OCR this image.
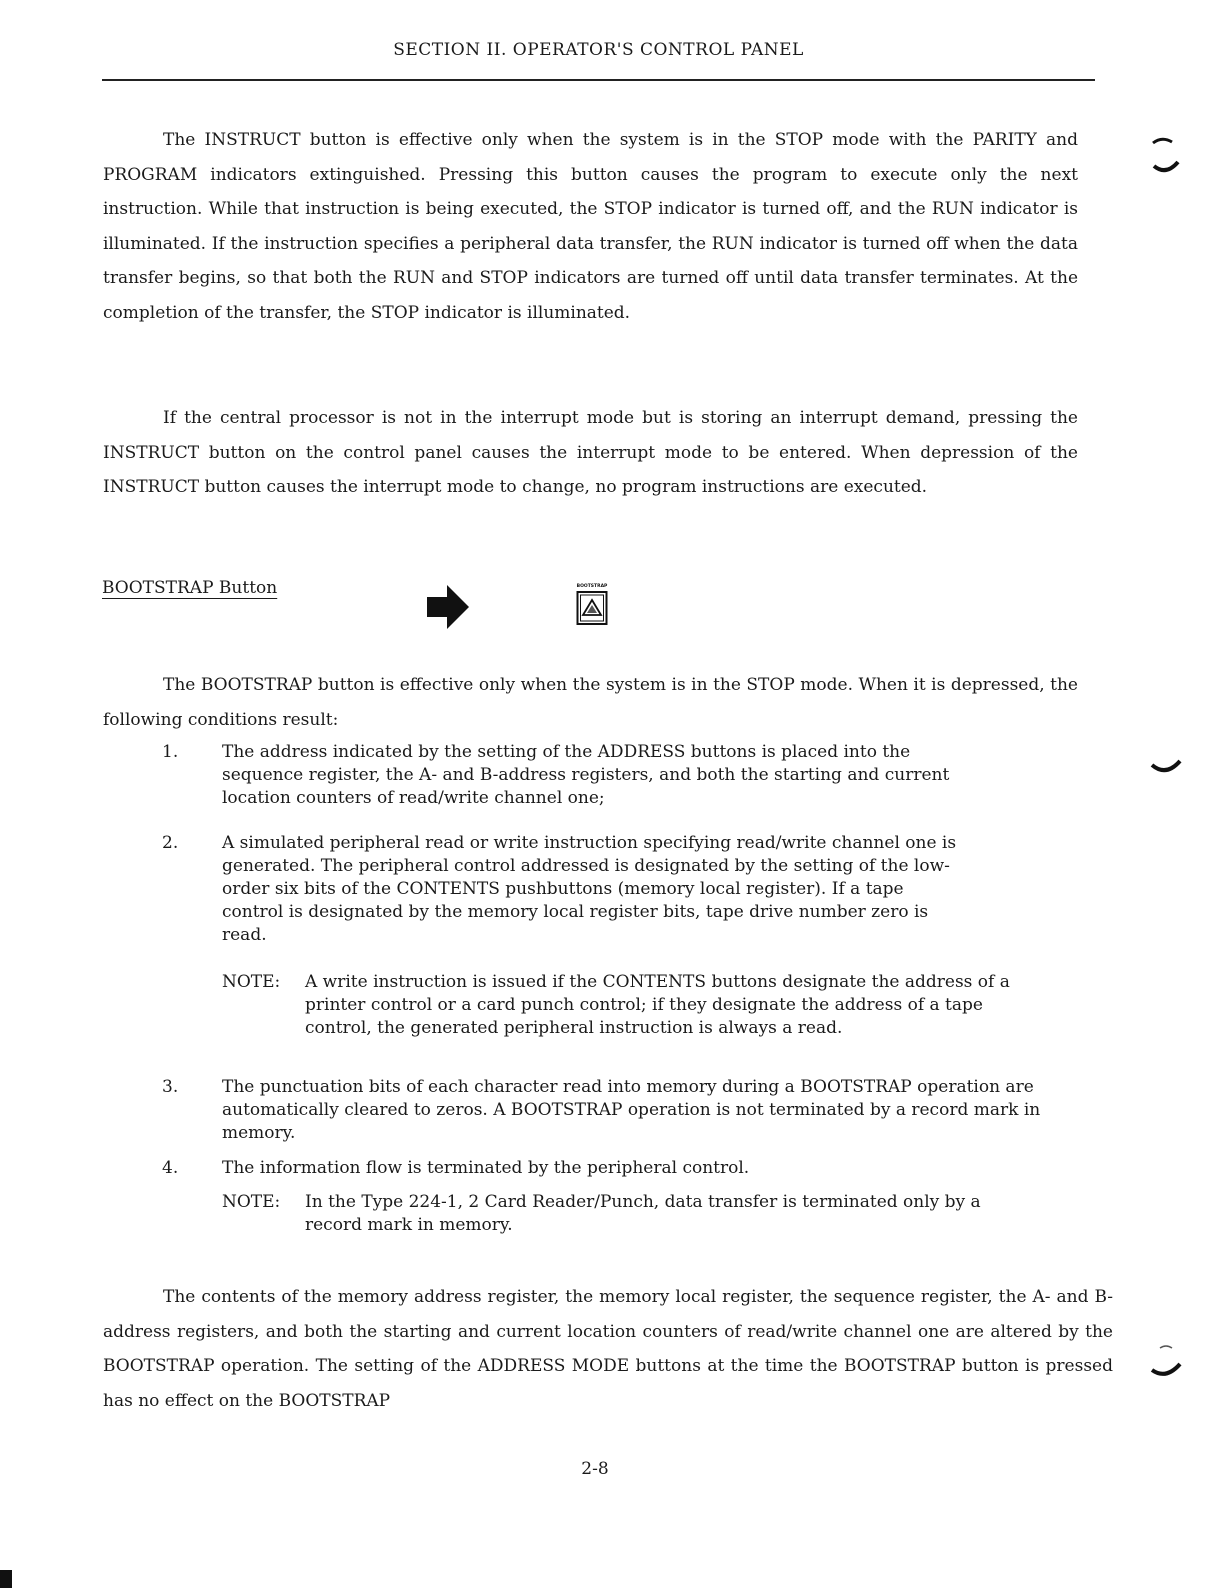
SECTION II. OPERATOR'S CONTROL PANEL

The INSTRUCT button is effective only when the system is in the STOP mode with the PARITY and PROGRAM indicators extinguished. Pressing this button causes the program to execute only the next instruction. While that instruction is being executed, the STOP indicator is turned off, and the RUN indicator is illuminated. If the instruction specifies a peripheral data transfer, the RUN indicator is turned off when the data transfer begins, so that both the RUN and STOP indicators are turned off until data transfer terminates. At the completion of the transfer, the STOP indicator is illuminated.

If the central processor is not in the interrupt mode but is storing an interrupt demand, pressing the INSTRUCT button on the control panel causes the interrupt mode to be entered. When depression of the INSTRUCT button causes the interrupt mode to change, no program instructions are executed.

BOOTSTRAP Button	BOOTSTRAP

The BOOTSTRAP button is effective only when the system is in the STOP mode. When it is depressed, the following conditions result:

1.	The address indicated by the setting of the ADDRESS buttons is placed into the sequence register, the A- and B-address registers, and both the starting and current location counters of read/write channel one;
2.	A simulated peripheral read or write instruction specifying read/write channel one is generated. The peripheral control addressed is designated by the setting of the low-order six bits of the CONTENTS pushbuttons (memory local register). If a tape control is designated by the memory local register bits, tape drive number zero is read.
NOTE: A write instruction is issued if the CONTENTS buttons designate the address of a printer control or a card punch control; if they designate the address of a tape control, the generated peripheral instruction is always a read.
3.	The punctuation bits of each character read into memory during a BOOTSTRAP operation are automatically cleared to zeros. A BOOTSTRAP operation is not terminated by a record mark in memory.
4.	The information flow is terminated by the peripheral control.
NOTE: In the Type 224-1, 2 Card Reader/Punch, data transfer is terminated only by a record mark in memory.

The contents of the memory address register, the memory local register, the sequence register, the A- and B-address registers, and both the starting and current location counters of read/write channel one are altered by the BOOTSTRAP operation. The setting of the ADDRESS MODE buttons at the time the BOOTSTRAP button is pressed has no effect on the BOOTSTRAP

2-8
